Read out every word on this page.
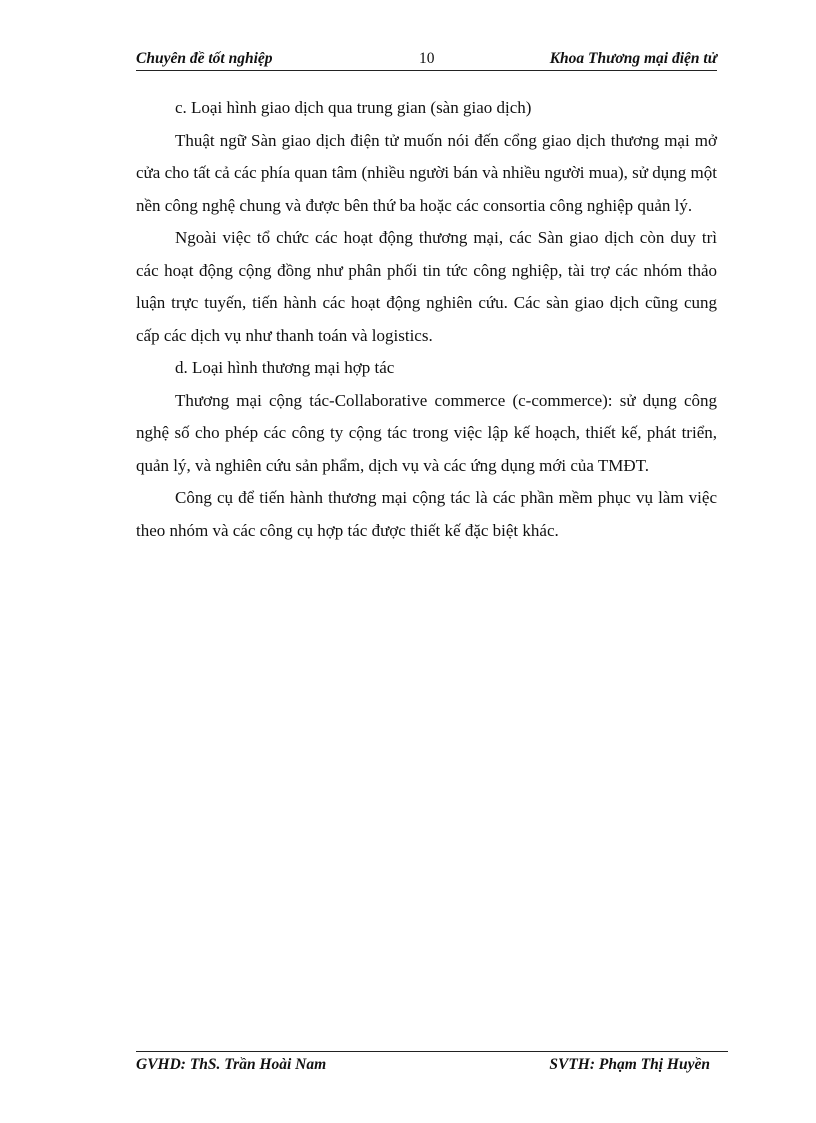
Chuyên đề tốt nghiệp	10	Khoa Thương mại điện tử

c. Loại hình giao dịch qua trung gian (sàn giao dịch)

Thuật ngữ Sàn giao dịch điện tử muốn nói đến cổng giao dịch thương mại mở cửa cho tất cả các phía quan tâm (nhiều người bán và nhiều người mua), sử dụng một nền công nghệ chung và được bên thứ ba hoặc các consortia công nghiệp quản lý.

Ngoài việc tổ chức các hoạt động thương mại, các Sàn giao dịch còn duy trì các hoạt động cộng đồng như phân phối tin tức công nghiệp, tài trợ các nhóm thảo luận trực tuyến, tiến hành các hoạt động nghiên cứu. Các sàn giao dịch cũng cung cấp các dịch vụ như thanh toán và logistics.

d. Loại hình thương mại hợp tác

Thương mại cộng tác-Collaborative commerce (c-commerce): sử dụng công nghệ số cho phép các công ty cộng tác trong việc lập kế hoạch, thiết kế, phát triển, quản lý, và nghiên cứu sản phẩm, dịch vụ và các ứng dụng mới của TMĐT.

Công cụ để tiến hành thương mại cộng tác là các phần mềm phục vụ làm việc theo nhóm và các công cụ hợp tác được thiết kế đặc biệt khác.

GVHD: ThS. Trần Hoài Nam	SVTH: Phạm Thị Huyền
